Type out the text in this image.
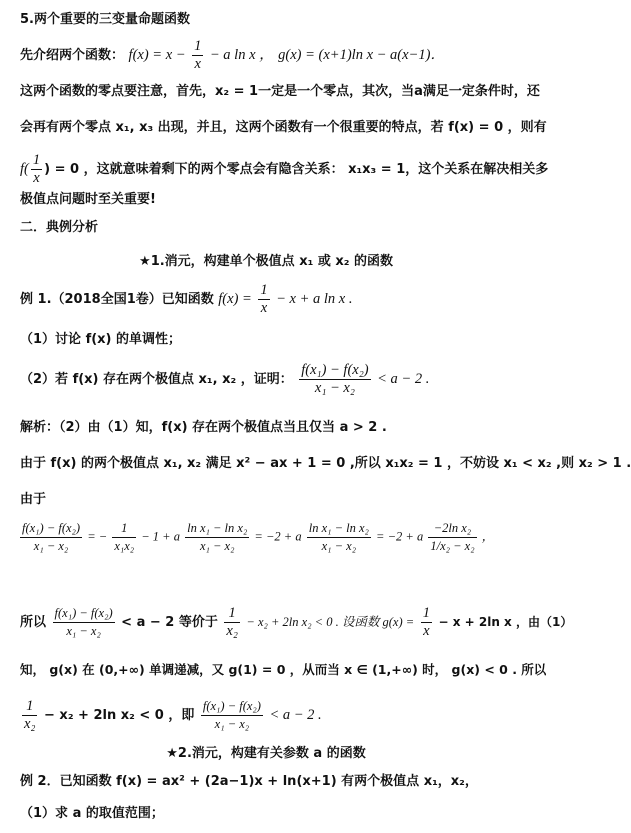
5.两个重要的三变量命题函数
先介绍两个函数： $f(x) = x - \frac{1}{x} - a$ ln x ， g(x) = (x+1)ln x − a(x−1)．
这两个函数的零点要注意，首先，x₂ = 1一定是一个零点，其次，当a满足一定条件时，还
会再有两个零点 x₁, x₃ 出现，并且，这两个函数有一个很重要的特点，若 f(x) = 0 ，则有
$f( \frac{1}{x}$ ) = 0 ，这就意味着剩下的两个零点会有隐含关系： x₁x₃ = 1，这个关系在解决相关多
极值点问题时至关重要!
二．典例分析
★1.消元，构建单个极值点 x₁ 或 x₂ 的函数
例 1.（2018全国1卷）已知函数 $f(x) = \frac{1}{x} - x + a$ ln x .
（1）讨论 f(x) 的单调性；
（2）若 f(x) 存在两个极值点 x₁, x₂ ，证明： $\frac{\text{f(x₁) − f(x₂)}}{\text{x₁ − x₂}} < a - 2$ .
解析：（2）由（1）知，f(x) 存在两个极值点当且仅当 a > 2 .
由于 f(x) 的两个极值点 x₁, x₂ 满足 x² − ax + 1 = 0 ,所以 x₁x₂ = 1 ，不妨设 x₁ < x₂ ,则 x₂ > 1 .
由于
$\frac{\text{f(x₁) − f(x₂)}}{\text{x₁ − x₂}}$ = − $\frac{1}{\text{x₁x₂}} - 1 + a \frac{\text{ln x₁ − ln x₂}}{\text{x₁ − x₂}} = -2 + a \frac{\text{ln x₁ − ln x₂}}{\text{x₁ − x₂}} = -2 + a \frac{\text{−2ln x₂}}{\text{1/x₂ − x₂}}$ ，
所以 $\frac{\text{f(x₁) − f(x₂)}}{\text{x₁ − x₂}} < a - 2$ 等价于 $\frac{1}{\text{x₂}} - x_2 + 2\ln$ x₂ < 0 . 设函数 $g(x) = \frac{1}{x} - x + 2\ln$ x ，由（1）
知， g(x) 在 (0,+∞) 单调递减，又 g(1) = 0 ，从而当 x ∈ (1,+∞) 时， g(x) < 0 . 所以
$\frac{1}{\text{x₂}} - x_2 + 2\ln$ x₂ < 0 ，即 $\frac{\text{f(x₁) − f(x₂)}}{\text{x₁ − x₂}} < a - 2$ .
★2.消元，构建有关参数 a 的函数
例 2．已知函数 f(x) = ax² + (2a−1)x + ln(x+1) 有两个极值点 x₁，x₂，
（1）求 a 的取值范围；
